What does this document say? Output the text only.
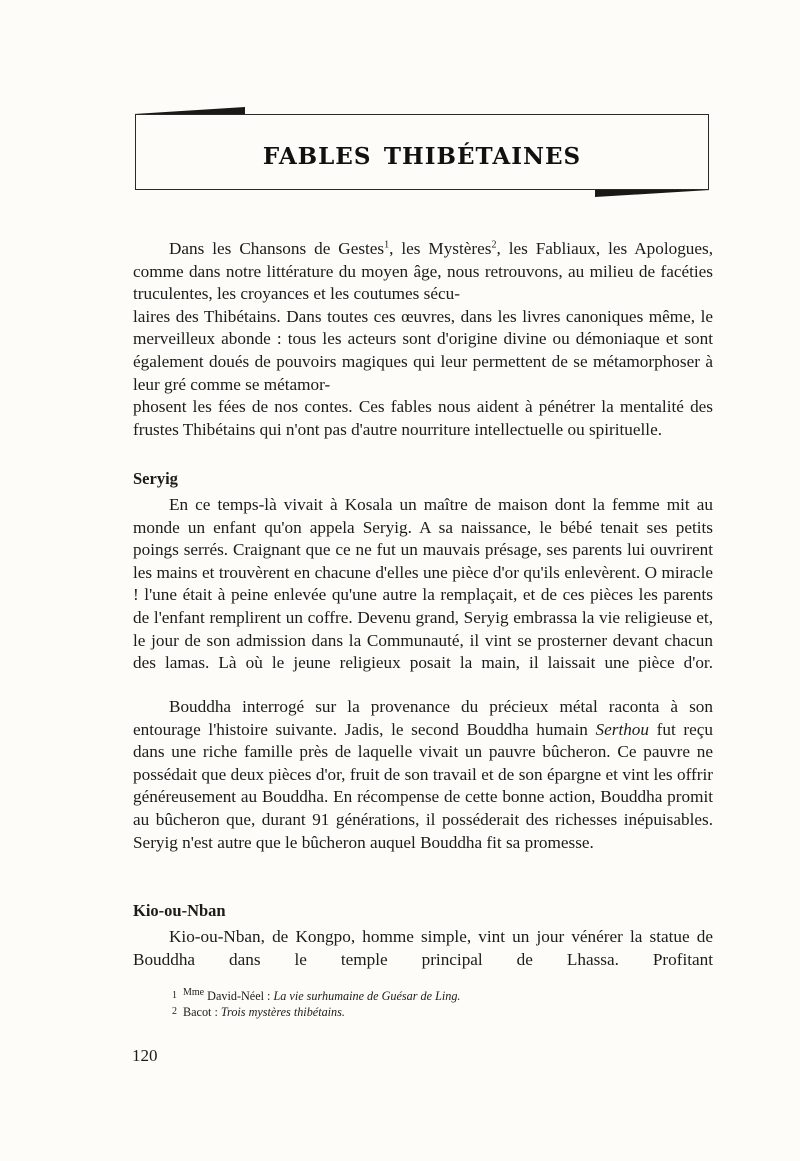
fables thibétaines

Dans les Chansons de Gestes$^1$, les Mystères$^2$, les Fabliaux, les Apologues, comme dans notre littérature du moyen âge, nous retrouvons, au milieu de facéties truculentes, les croyances et les coutumes sécu-
laires des Thibétains. Dans toutes ces œuvres, dans les livres canoniques même, le merveilleux abonde : tous les acteurs sont d'origine divine ou démoniaque et sont également doués de pouvoirs magiques qui leur permettent de se métamorphoser à leur gré comme se métamor-
phosent les fées de nos contes. Ces fables nous aident à pénétrer la mentalité des frustes Thibétains qui n'ont pas d'autre nourriture intellectuelle ou spirituelle.

Seryig

En ce temps-là vivait à Kosala un maître de maison dont la femme mit au monde un enfant qu'on appela Seryig. A sa naissance, le bébé tenait ses petits poings serrés. Craignant que ce ne fut un mauvais présage, ses parents lui ouvrirent les mains et trouvèrent en chacune d'elles une pièce d'or qu'ils enlevèrent. O miracle ! l'une était à peine enlevée qu'une autre la remplaçait, et de ces pièces les parents de l'enfant remplirent un coffre. Devenu grand, Seryig embrassa la vie religieuse et, le jour de son admission dans la Communauté, il vint se prosterner devant chacun des lamas. Là où le jeune religieux posait la main, il laissait une pièce d'or.

Bouddha interrogé sur la provenance du précieux métal raconta à son entourage l'histoire suivante. Jadis, le second Bouddha humain Serthou fut reçu dans une riche famille près de laquelle vivait un pauvre bûcheron. Ce pauvre ne possédait que deux pièces d'or, fruit de son travail et de son épargne et vint les offrir généreusement au Bouddha. En récompense de cette bonne action, Bouddha promit au bûcheron que, durant 91 générations, il posséderait des richesses inépuisables. Seryig n'est autre que le bûcheron auquel Bouddha fit sa promesse.

Kio-ou-Nban

Kio-ou-Nban, de Kongpo, homme simple, vint un jour vénérer la statue de Bouddha dans le temple principal de Lhassa. Profitant

1 $^{Mme}$ David-Néel : La vie surhumaine de Guésar de Ling.

2 Bacot : Trois mystères thibétains.

120
